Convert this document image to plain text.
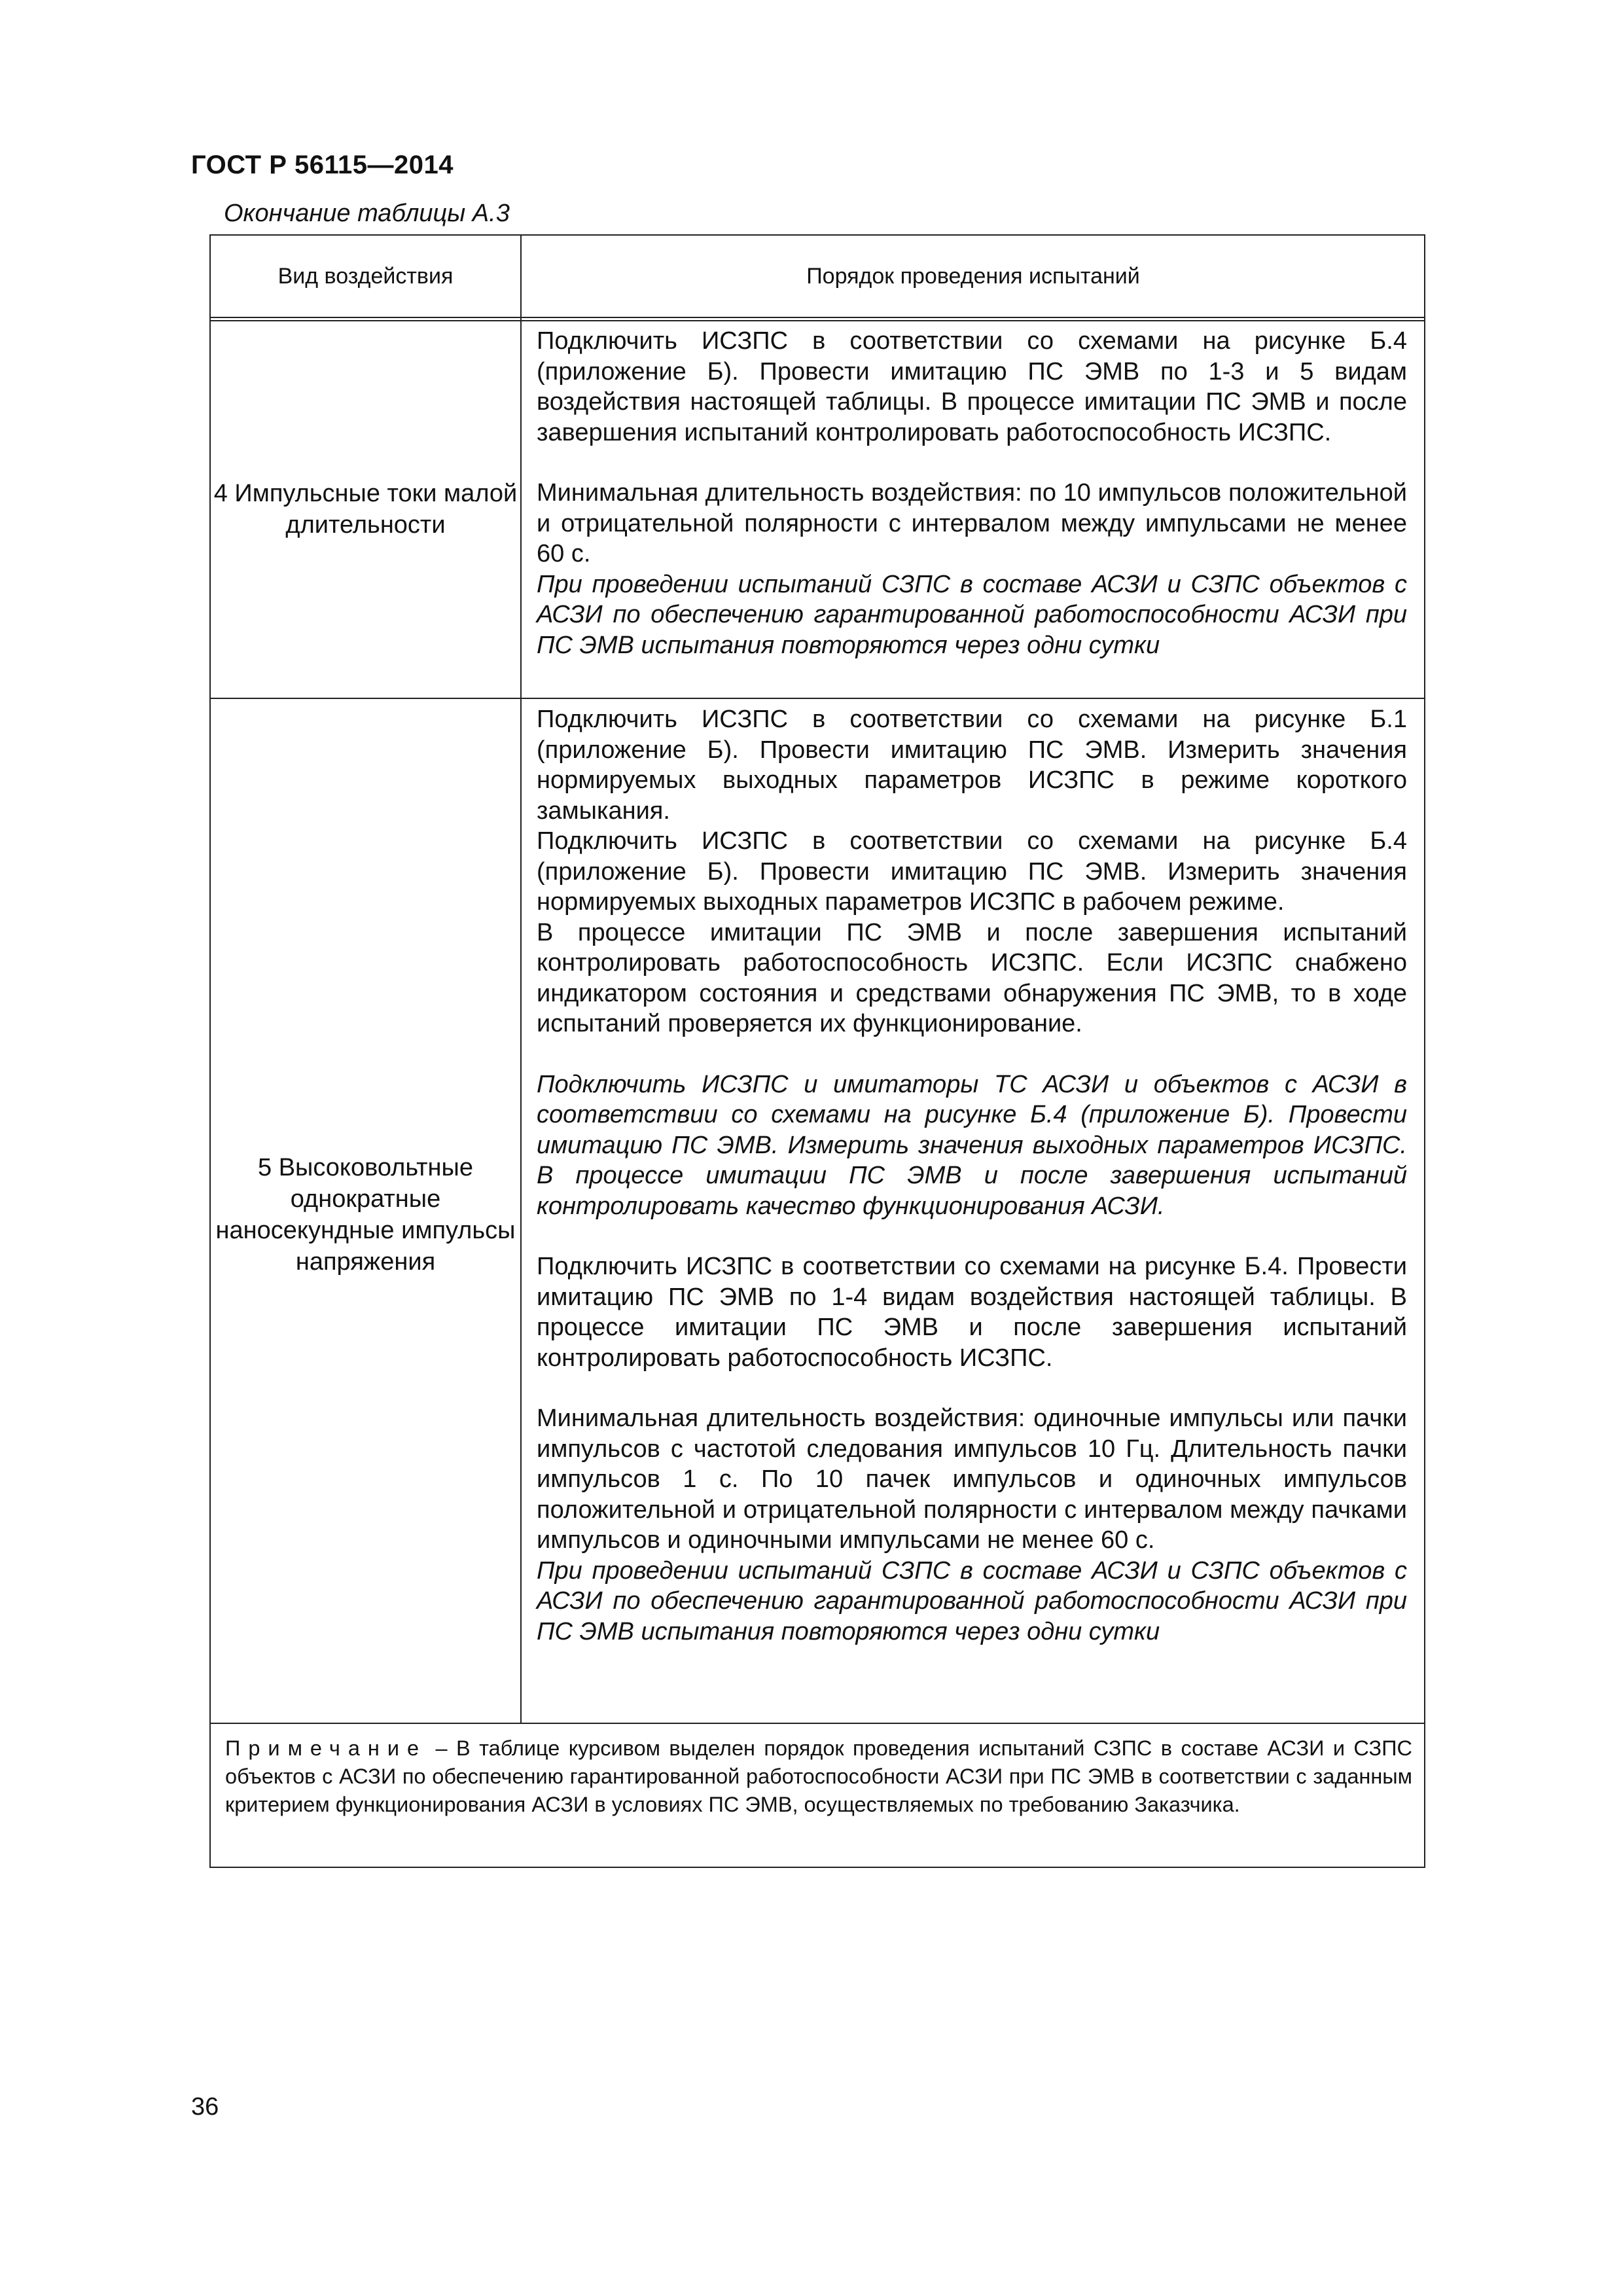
ГОСТ Р 56115—2014
Окончание таблицы А.3
Вид воздействия	Порядок проведения испытаний
4 Импульсные токи малой длительности

Подключить ИСЗПС в соответствии со схемами на рисунке Б.4 (приложение Б). Провести имитацию ПС ЭМВ по 1-3 и 5 видам воздействия настоящей таблицы. В процессе имитации ПС ЭМВ и после завершения испытаний контролировать работоспособность ИСЗПС.

Минимальная длительность воздействия: по 10 импульсов положительной и отрицательной полярности с интервалом между импульсами не менее 60 с.

При проведении испытаний СЗПС в составе АСЗИ и СЗПС объектов с АСЗИ по обеспечению гарантированной работоспособности АСЗИ при ПС ЭМВ испытания повторяются через одни сутки

5 Высоковольтные однократные наносекундные импульсы напряжения

Подключить ИСЗПС в соответствии со схемами на рисунке Б.1 (приложение Б). Провести имитацию ПС ЭМВ. Измерить значения нормируемых выходных параметров ИСЗПС в режиме короткого замыкания.

Подключить ИСЗПС в соответствии со схемами на рисунке Б.4 (приложение Б). Провести имитацию ПС ЭМВ. Измерить значения нормируемых выходных параметров ИСЗПС в рабочем режиме.

В процессе имитации ПС ЭМВ и после завершения испытаний контролировать работоспособность ИСЗПС. Если ИСЗПС снабжено индикатором состояния и средствами обнаружения ПС ЭМВ, то в ходе испытаний проверяется их функционирование.

Подключить ИСЗПС и имитаторы ТС АСЗИ и объектов с АСЗИ в соответствии со схемами на рисунке Б.4 (приложение Б). Провести имитацию ПС ЭМВ. Измерить значения выходных параметров ИСЗПС. В процессе имитации ПС ЭМВ и после завершения испытаний контролировать качество функционирования АСЗИ.

Подключить ИСЗПС в соответствии со схемами на рисунке Б.4. Провести имитацию ПС ЭМВ по 1-4 видам воздействия настоящей таблицы. В процессе имитации ПС ЭМВ и после завершения испытаний контролировать работоспособность ИСЗПС.

Минимальная длительность воздействия: одиночные импульсы или пачки импульсов с частотой следования импульсов 10 Гц. Длительность пачки импульсов 1 с. По 10 пачек импульсов и одиночных импульсов положительной и отрицательной полярности с интервалом между пачками импульсов и одиночными импульсами не менее 60 с.

При проведении испытаний СЗПС в составе АСЗИ и СЗПС объектов с АСЗИ по обеспечению гарантированной работоспособности АСЗИ при ПС ЭМВ испытания повторяются через одни сутки

Примечание – В таблице курсивом выделен порядок проведения испытаний СЗПС в составе АСЗИ и СЗПС объектов с АСЗИ по обеспечению гарантированной работоспособности АСЗИ при ПС ЭМВ в соответствии с заданным критерием функционирования АСЗИ в условиях ПС ЭМВ, осуществляемых по требованию Заказчика.
36
